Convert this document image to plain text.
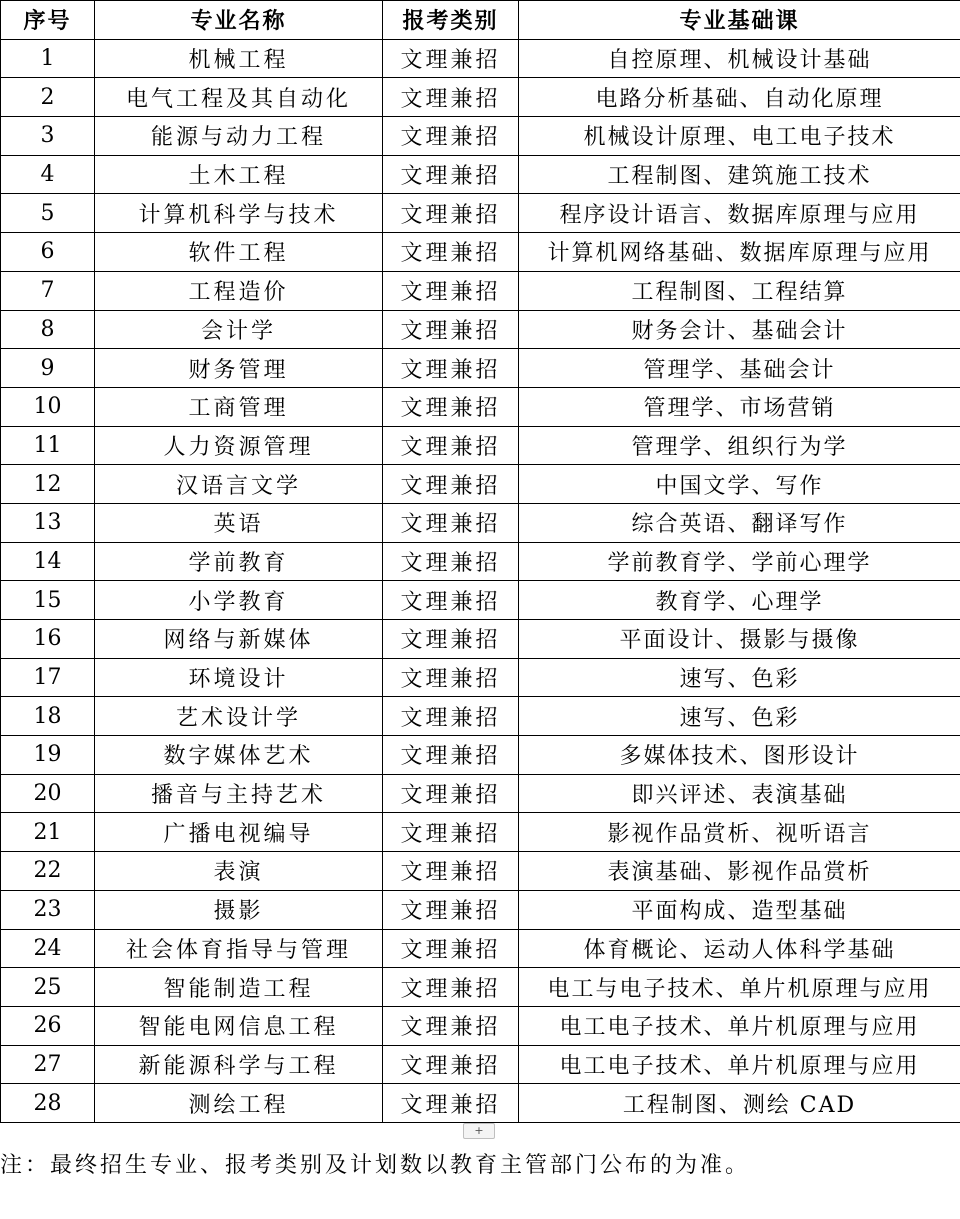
序号	专业名称	报考类别	专业基础课
1	机械工程	文理兼招	自控原理、机械设计基础
2	电气工程及其自动化	文理兼招	电路分析基础、自动化原理
3	能源与动力工程	文理兼招	机械设计原理、电工电子技术
4	土木工程	文理兼招	工程制图、建筑施工技术
5	计算机科学与技术	文理兼招	程序设计语言、数据库原理与应用
6	软件工程	文理兼招	计算机网络基础、数据库原理与应用
7	工程造价	文理兼招	工程制图、工程结算
8	会计学	文理兼招	财务会计、基础会计
9	财务管理	文理兼招	管理学、基础会计
10	工商管理	文理兼招	管理学、市场营销
11	人力资源管理	文理兼招	管理学、组织行为学
12	汉语言文学	文理兼招	中国文学、写作
13	英语	文理兼招	综合英语、翻译写作
14	学前教育	文理兼招	学前教育学、学前心理学
15	小学教育	文理兼招	教育学、心理学
16	网络与新媒体	文理兼招	平面设计、摄影与摄像
17	环境设计	文理兼招	速写、色彩
18	艺术设计学	文理兼招	速写、色彩
19	数字媒体艺术	文理兼招	多媒体技术、图形设计
20	播音与主持艺术	文理兼招	即兴评述、表演基础
21	广播电视编导	文理兼招	影视作品赏析、视听语言
22	表演	文理兼招	表演基础、影视作品赏析
23	摄影	文理兼招	平面构成、造型基础
24	社会体育指导与管理	文理兼招	体育概论、运动人体科学基础
25	智能制造工程	文理兼招	电工与电子技术、单片机原理与应用
26	智能电网信息工程	文理兼招	电工电子技术、单片机原理与应用
27	新能源科学与工程	文理兼招	电工电子技术、单片机原理与应用
28	测绘工程	文理兼招	工程制图、测绘 CAD
+
注：最终招生专业、报考类别及计划数以教育主管部门公布的为准。
